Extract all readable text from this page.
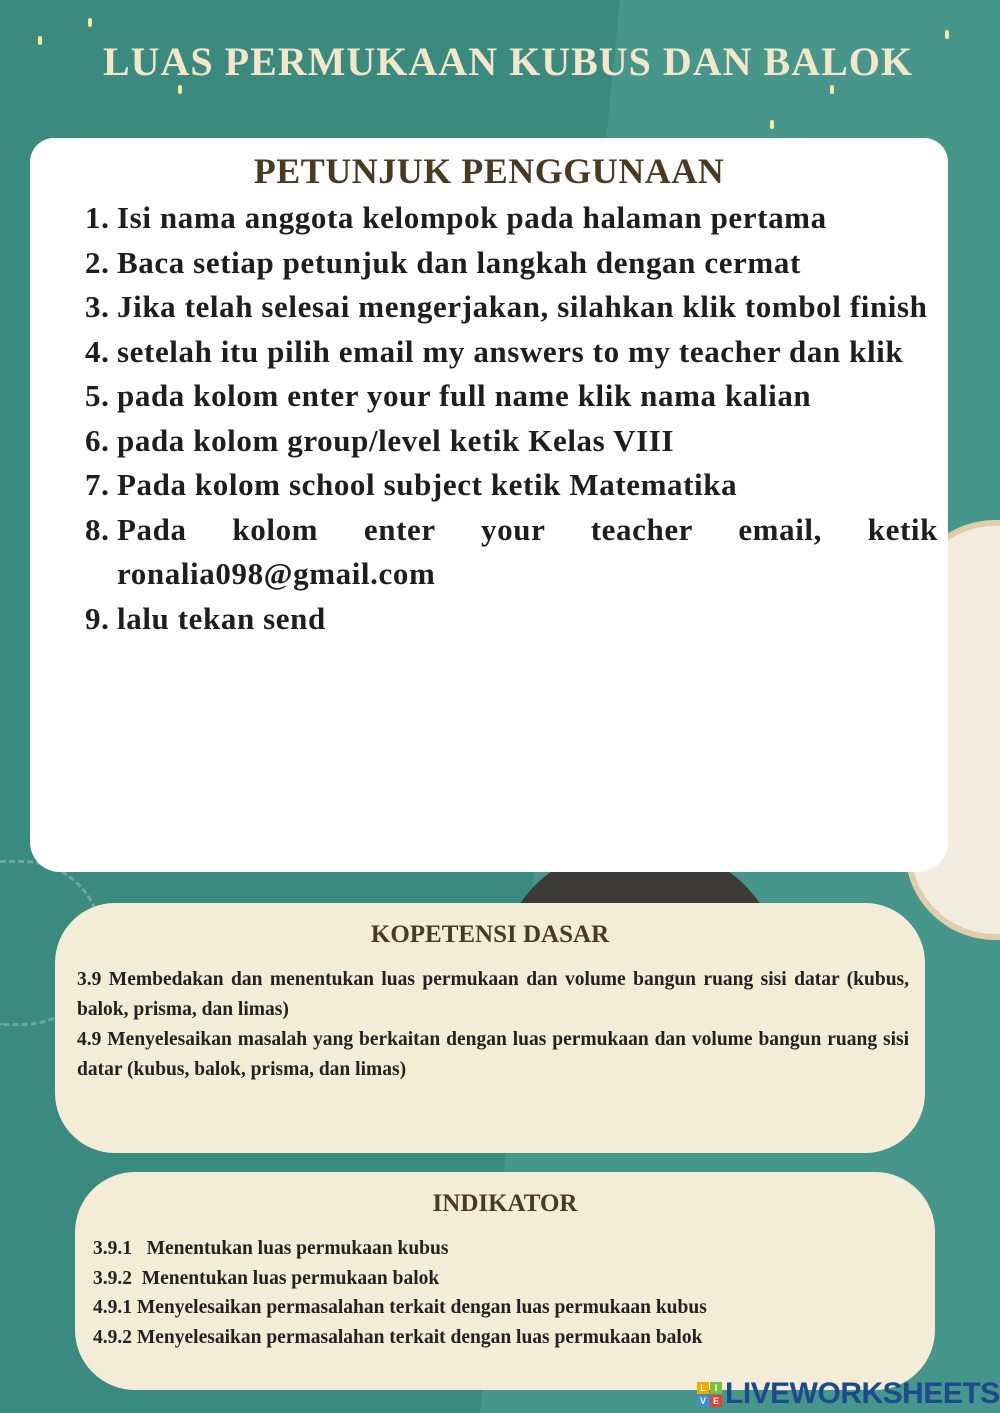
LUAS PERMUKAAN KUBUS DAN BALOK
PETUNJUK PENGGUNAAN
1. Isi nama anggota kelompok pada halaman pertama
2. Baca setiap petunjuk dan langkah dengan cermat
3. Jika telah selesai mengerjakan, silahkan klik tombol finish
4. setelah itu pilih email my answers to my teacher dan klik
5. pada kolom enter your full name klik nama kalian
6. pada kolom group/level ketik Kelas VIII
7. Pada kolom school subject ketik Matematika
8. Pada kolom enter your teacher email, ketik ronalia098@gmail.com
9. lalu tekan send
KOPETENSI DASAR

3.9 Membedakan dan menentukan luas permukaan dan volume bangun ruang sisi datar (kubus, balok, prisma, dan limas)

4.9 Menyelesaikan masalah yang berkaitan dengan luas permukaan dan volume bangun ruang sisi datar (kubus, balok, prisma, dan limas)

INDIKATOR

3.9.1   Menentukan luas permukaan kubus

3.9.2  Menentukan luas permukaan balok

4.9.1 Menyelesaikan permasalahan terkait dengan luas permukaan kubus

4.9.2 Menyelesaikan permasalahan terkait dengan luas permukaan balok

L I
V E LIVEWORKSHEETS
